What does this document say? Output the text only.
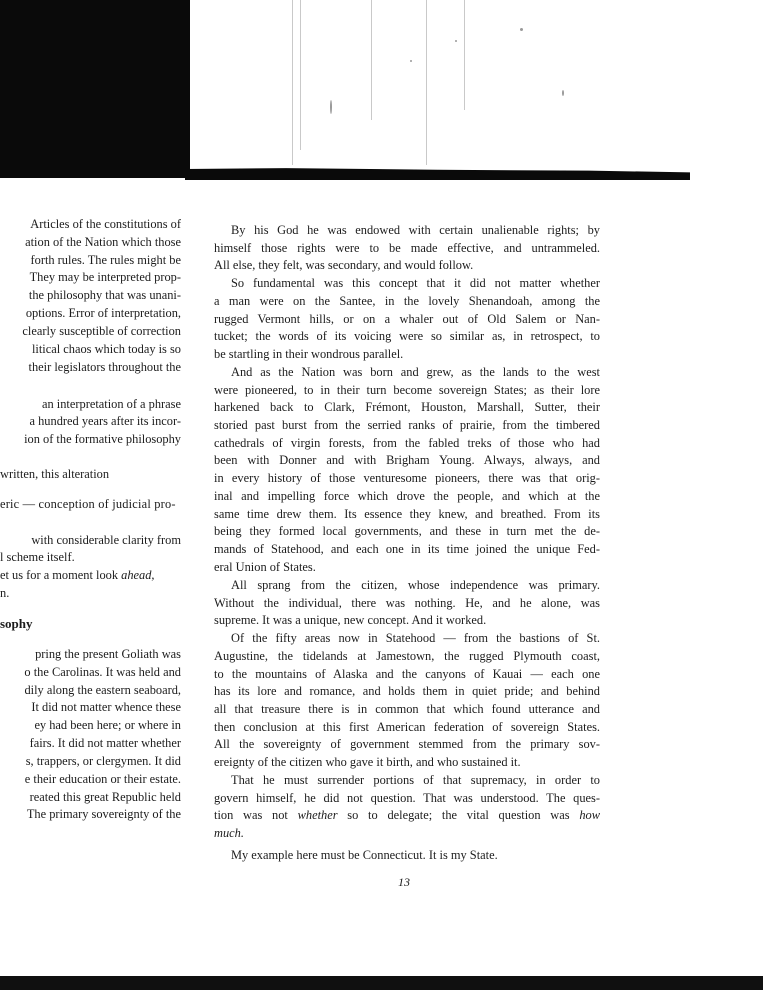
Articles of the constitutions of
ation of the Nation which those
forth rules. The rules might be
They may be interpreted prop-
the philosophy that was unani-
options. Error of interpretation,
clearly susceptible of correction
litical chaos which today is so
their legislators throughout the
an interpretation of a phrase
a hundred years after its incor-
ion of the formative philosophy
written, this alteration
eric — conception of judicial pro-
with considerable clarity from
l scheme itself.
et us for a moment look ahead,
n.
sophy
pring the present Goliath was
o the Carolinas. It was held and
dily along the eastern seaboard,
It did not matter whence these
ey had been here; or where in
fairs. It did not matter whether
s, trappers, or clergymen. It did
e their education or their estate.
reated this great Republic held
The primary sovereignty of the
By his God he was endowed with certain unalienable rights; by
himself those rights were to be made effective, and untrammeled.
All else, they felt, was secondary, and would follow.
So fundamental was this concept that it did not matter whether
a man were on the Santee, in the lovely Shenandoah, among the
rugged Vermont hills, or on a whaler out of Old Salem or Nan-
tucket; the words of its voicing were so similar as, in retrospect, to
be startling in their wondrous parallel.
And as the Nation was born and grew, as the lands to the west
were pioneered, to in their turn become sovereign States; as their lore
harkened back to Clark, Frémont, Houston, Marshall, Sutter, their
storied past burst from the serried ranks of prairie, from the timbered
cathedrals of virgin forests, from the fabled treks of those who had
been with Donner and with Brigham Young. Always, always, and
in every history of those venturesome pioneers, there was that orig-
inal and impelling force which drove the people, and which at the
same time drew them. Its essence they knew, and breathed. From its
being they formed local governments, and these in turn met the de-
mands of Statehood, and each one in its time joined the unique Fed-
eral Union of States.
All sprang from the citizen, whose independence was primary.
Without the individual, there was nothing. He, and he alone, was
supreme. It was a unique, new concept. And it worked.
Of the fifty areas now in Statehood — from the bastions of St.
Augustine, the tidelands at Jamestown, the rugged Plymouth coast,
to the mountains of Alaska and the canyons of Kauai — each one
has its lore and romance, and holds them in quiet pride; and behind
all that treasure there is in common that which found utterance and
then conclusion at this first American federation of sovereign States.
All the sovereignty of government stemmed from the primary sov-
ereignty of the citizen who gave it birth, and who sustained it.
That he must surrender portions of that supremacy, in order to
govern himself, he did not question. That was understood. The ques-
tion was not whether so to delegate; the vital question was how
much.
My example here must be Connecticut. It is my State.
13
